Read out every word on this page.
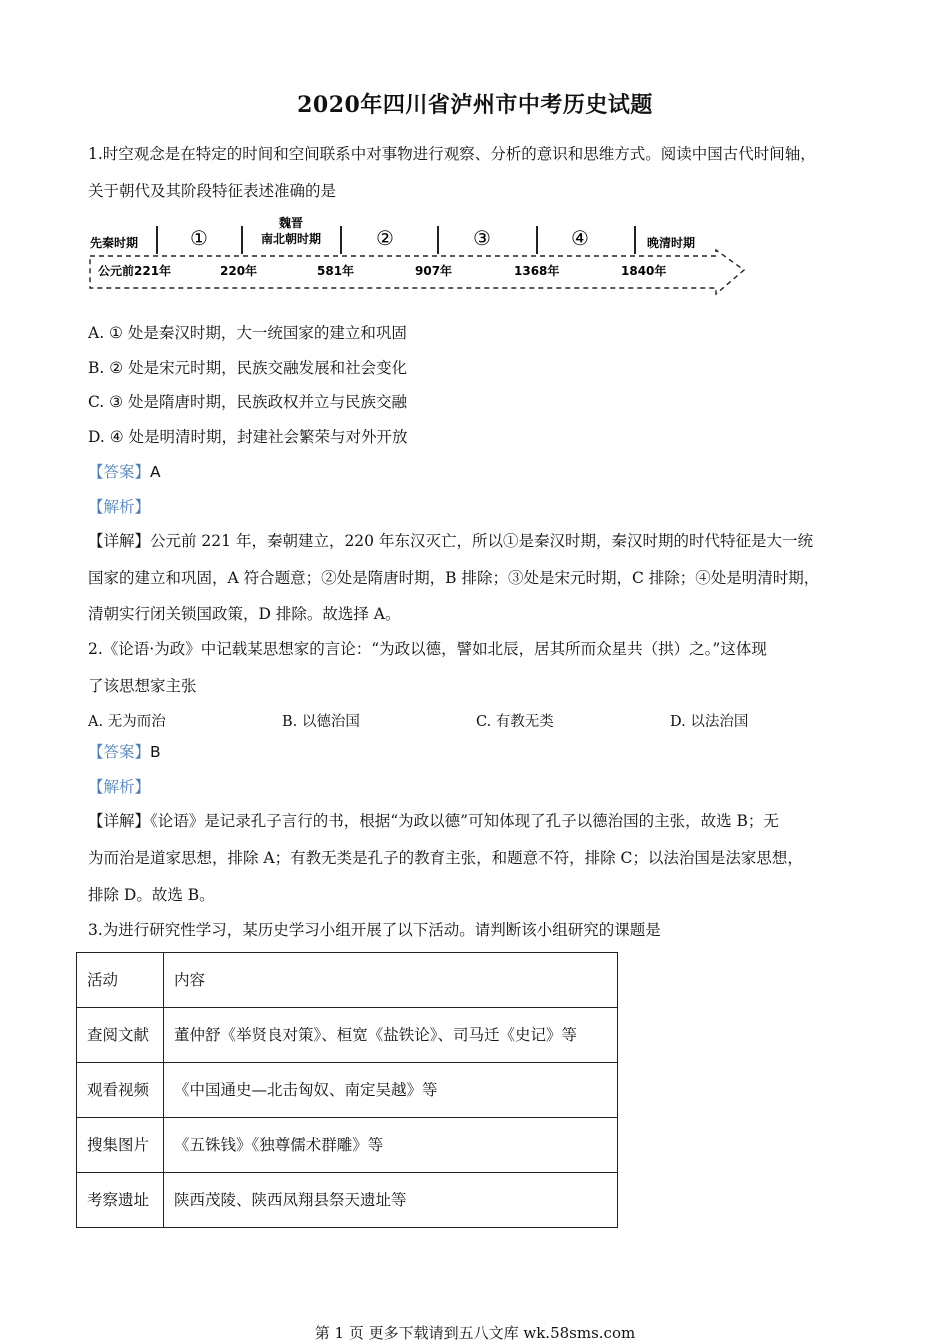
2020年四川省泸州市中考历史试题
1.时空观念是在特定的时间和空间联系中对事物进行观察、分析的意识和思维方式。阅读中国古代时间轴，
关于朝代及其阶段特征表述准确的是
先秦时期	①
魏晋
南北朝时期	②	③	④	晚清时期
公元前221年	220年	581年	907年	1368年	1840年
A. ① 处是秦汉时期，大一统国家的建立和巩固
B. ② 处是宋元时期，民族交融发展和社会变化
C. ③ 处是隋唐时期，民族政权并立与民族交融
D. ④ 处是明清时期，封建社会繁荣与对外开放
【答案】A
【解析】
【详解】公元前 221 年，秦朝建立，220 年东汉灭亡，所以①是秦汉时期，秦汉时期的时代特征是大一统
国家的建立和巩固，A 符合题意；②处是隋唐时期，B 排除；③处是宋元时期，C 排除；④处是明清时期，
清朝实行闭关锁国政策，D 排除。故选择 A。
2.《论语·为政》中记载某思想家的言论：“为政以德，譬如北辰，居其所而众星共（拱）之。”这体现
了该思想家主张
A. 无为而治	B. 以德治国	C. 有教无类	D. 以法治国
【答案】B
【解析】
【详解】《论语》是记录孔子言行的书，根据“为政以德”可知体现了孔子以德治国的主张，故选 B；无
为而治是道家思想，排除 A；有教无类是孔子的教育主张，和题意不符，排除 C；以法治国是法家思想，
排除 D。故选 B。
3.为进行研究性学习，某历史学习小组开展了以下活动。请判断该小组研究的课题是
活动	内容
查阅文献	董仲舒《举贤良对策》、桓宽《盐铁论》、司马迁《史记》等
观看视频	《中国通史—北击匈奴、南定吴越》等
搜集图片	《五铢钱》《独尊儒术群雕》等
考察遗址	陕西茂陵、陕西凤翔县祭天遗址等
第 1 页 更多下载请到五八文库 wk.58sms.com
